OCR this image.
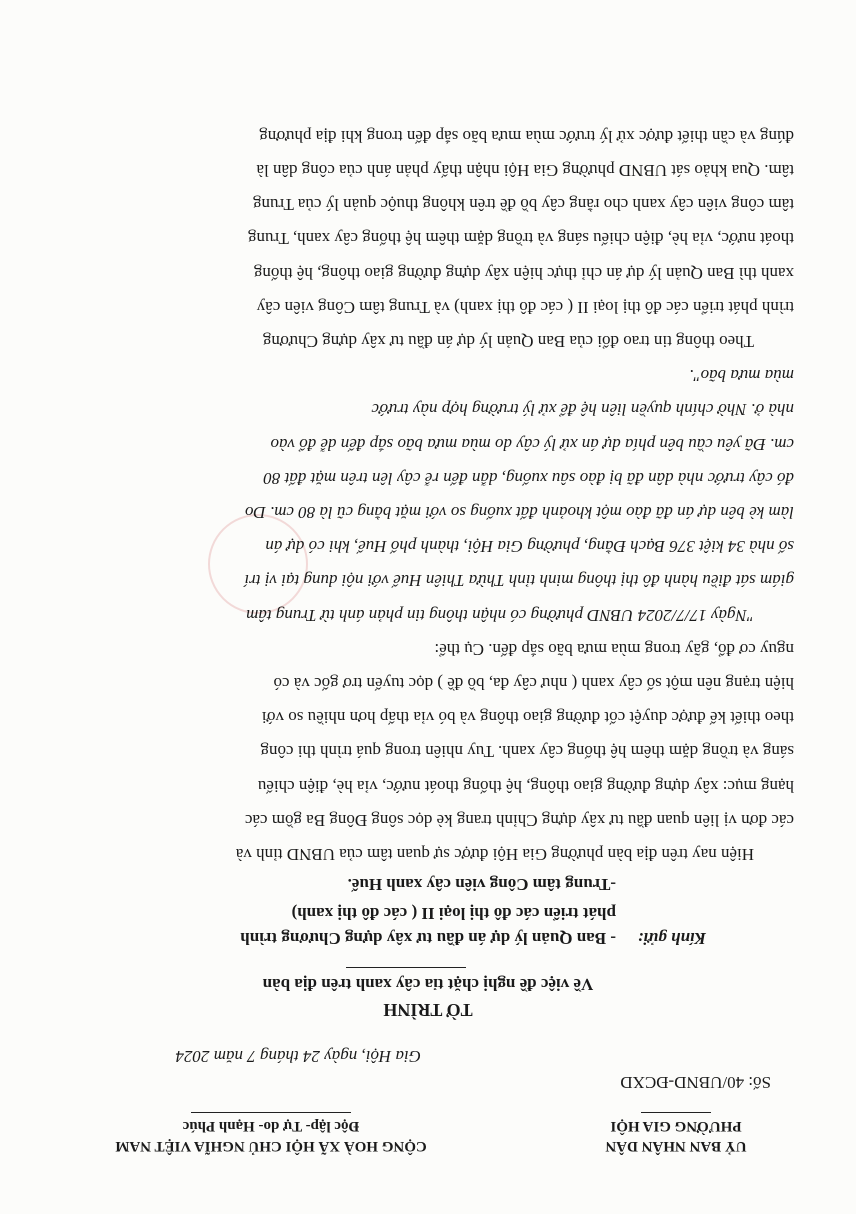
UỶ BAN NHÂN DÂN
PHƯỜNG GIA HỘI
CỘNG HOÀ XÃ HỘI CHỦ NGHĨA VIỆT NAM
Độc lập- Tự do- Hạnh Phúc
Số: 40/UBND-ĐCXD
Gia Hội, ngày 24 tháng 7 năm 2024
TỜ TRÌNH
Về việc đề nghị chặt tỉa cây xanh trên địa bàn
Kính gửi:
- Ban Quản lý dự án đầu tư xây dựng Chương trình
phát triển các đô thị loại II ( các đô thị xanh)
-Trung tâm Công viên cây xanh Huế.
Hiện nay trên địa bàn phường Gia Hội được sự quan tâm của UBND tỉnh và
các đơn vị liên quan đầu tư xây dựng Chỉnh trang kè dọc sông Đông Ba gồm các
hạng mục: xây dựng đường giao thông, hệ thống thoát nước, vỉa hè, điện chiếu
sáng và trồng dặm thêm hệ thống cây xanh. Tuy nhiên trong quá trình thi công
theo thiết kế được duyệt cốt đường giao thông và bó vỉa thấp hơn nhiều so với
hiện trạng nên một số cây xanh ( như cây đa, bồ đề ) dọc tuyến trơ gốc và có
nguy cơ đổ, gãy trong mùa mưa bão sắp đến. Cụ thể:
"Ngày 17/7/2024 UBND phường có nhận thông tin phản ánh từ Trung tâm
giám sát điều hành đô thị thông minh tỉnh Thừa Thiên Huế với nội dung tại vị trí
số nhà 34 kiệt 376 Bạch Đằng, phường Gia Hội, thành phố Huế, khi có dự án
làm kè bên dự án đã đào một khoảnh đất xuống so với mặt bằng cũ là 80 cm. Do
đó cây trước nhà dân đã bị đào sâu xuống, dẫn đến rễ cây lên trên mặt đất 80
cm. Đã yêu cầu bên phía dự án xử lý cây do mùa mưa bão sắp đến dễ đổ vào
nhà ở. Nhờ chính quyền liên hệ để xử lý trường hợp này trước
mùa mưa bão".
Theo thông tin trao đổi của Ban Quản lý dự án đầu tư xây dựng Chương
trình phát triển các đô thị loại II ( các đô thị xanh) và Trung tâm Công viên cây
xanh thì Ban Quản lý dự án chỉ thực hiện xây dựng đường giao thông, hệ thống
thoát nước, vỉa hè, điện chiếu sáng và trồng dặm thêm hệ thống cây xanh, Trung
tâm công viên cây xanh cho rằng cây bồ đề trên không thuộc quản lý của Trung
tâm. Qua khảo sát UBND phường Gia Hội nhận thấy phản ánh của công dân là
đúng và cần thiết được xử lý trước mùa mưa bão sắp đến trong khi địa phương
